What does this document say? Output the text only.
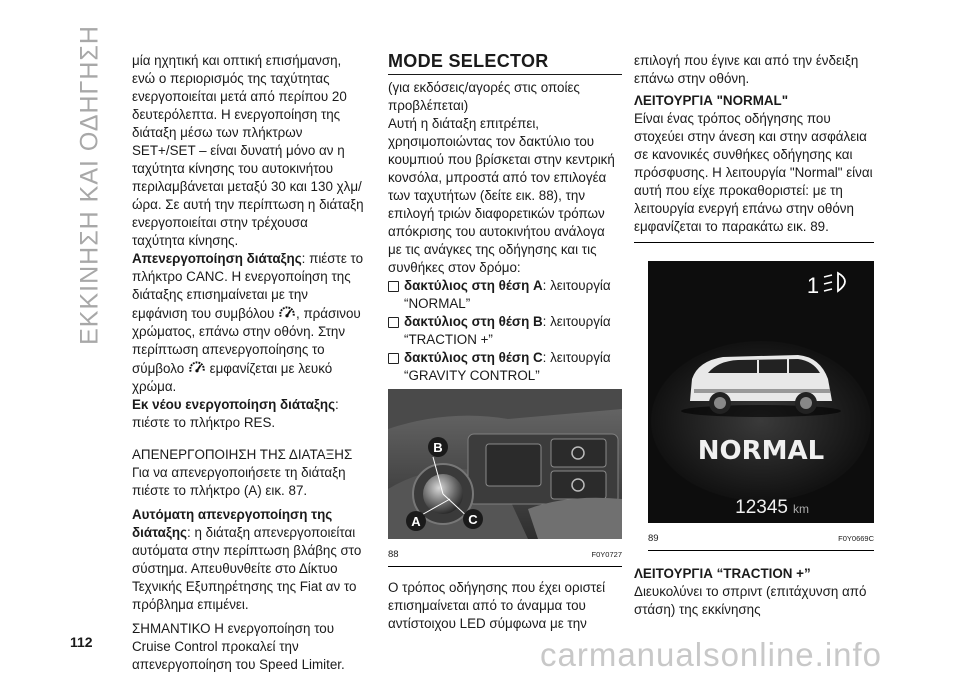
ΕΚΚΙΝΗΣΗ ΚΑΙ ΟΔΗΓΗΣΗ μία ηχητική και οπτική επισήμανση, ενώ ο περιορισμός της ταχύτητας ενεργοποιείται μετά από περίπου 20 δευτερόλεπτα. Η ενεργοποίηση της διάταξη μέσω των πλήκτρων SET+/SET – είναι δυνατή μόνο αν η ταχύτητα κίνησης του αυτοκινήτου περιλαμβάνεται μεταξύ 30 και 130 χλμ/ώρα. Σε αυτή την περίπτωση η διάταξη ενεργοποιείται στην τρέχουσα ταχύτητα κίνησης.

Απενεργοποίηση διάταξης: πιέστε το πλήκτρο CANC. Η ενεργοποίηση της διάταξης επισημαίνεται με την εμφάνιση του συμβόλου , πράσινου χρώματος, επάνω στην οθόνη. Στην περίπτωση απενεργοποίησης το σύμβολο εμφανίζεται με λευκό χρώμα.

Εκ νέου ενεργοποίηση διάταξης: πιέστε το πλήκτρο RES.

ΑΠΕΝΕΡΓΟΠΟΙΗΣΗ ΤΗΣ ΔΙΑΤΑΞΗΣ

Για να απενεργοποιήσετε τη διάταξη πιέστε το πλήκτρο (A) εικ. 87.

Αυτόματη απενεργοποίηση της διάταξης: η διάταξη απενεργοποιείται αυτόματα στην περίπτωση βλάβης στο σύστημα. Απευθυνθείτε στο Δίκτυο Τεχνικής Εξυπηρέτησης της Fiat αν το πρόβλημα επιμένει.

ΣΗΜΑΝΤΙΚΟ Η ενεργοποίηση του Cruise Control προκαλεί την απενεργοποίηση του Speed Limiter.

MODE SELECTOR

(για εκδόσεις/αγορές στις οποίες προβλέπεται)

Αυτή η διάταξη επιτρέπει, χρησιμοποιώντας τον δακτύλιο του κουμπιού που βρίσκεται στην κεντρική κονσόλα, μπροστά από τον επιλογέα των ταχυτήτων (δείτε εικ. 88), την επιλογή τριών διαφορετικών τρόπων απόκρισης του αυτοκινήτου ανάλογα με τις ανάγκες της οδήγησης και τις συνθήκες στον δρόμο:

δακτύλιος στη θέση A: λειτουργία “NORMAL”
δακτύλιος στη θέση B: λειτουργία “TRACTION +”
δακτύλιος στη θέση C: λειτουργία “GRAVITY CONTROL”
B
A	C
88	F0Y0727

Ο τρόπος οδήγησης που έχει οριστεί επισημαίνεται από το άναμμα του αντίστοιχου LED σύμφωνα με την

επιλογή που έγινε και από την ένδειξη επάνω στην οθόνη.

ΛΕΙΤΟΥΡΓΙΑ "NORMAL"

Είναι ένας τρόπος οδήγησης που στοχεύει στην άνεση και στην ασφάλεια σε κανονικές συνθήκες οδήγησης και πρόσφυσης. Η λειτουργία "Normal" είναι αυτή που είχε προκαθοριστεί: με τη λειτουργία ενεργή επάνω στην οθόνη εμφανίζεται το παρακάτω εικ. 89.

1
NORMAL
12345 km
89	F0Y0669C

ΛΕΙΤΟΥΡΓΙΑ “TRACTION +”

Διευκολύνει το σπριντ (επιτάχυνση από στάση) της εκκίνησης

112	carmanualsonline.info
